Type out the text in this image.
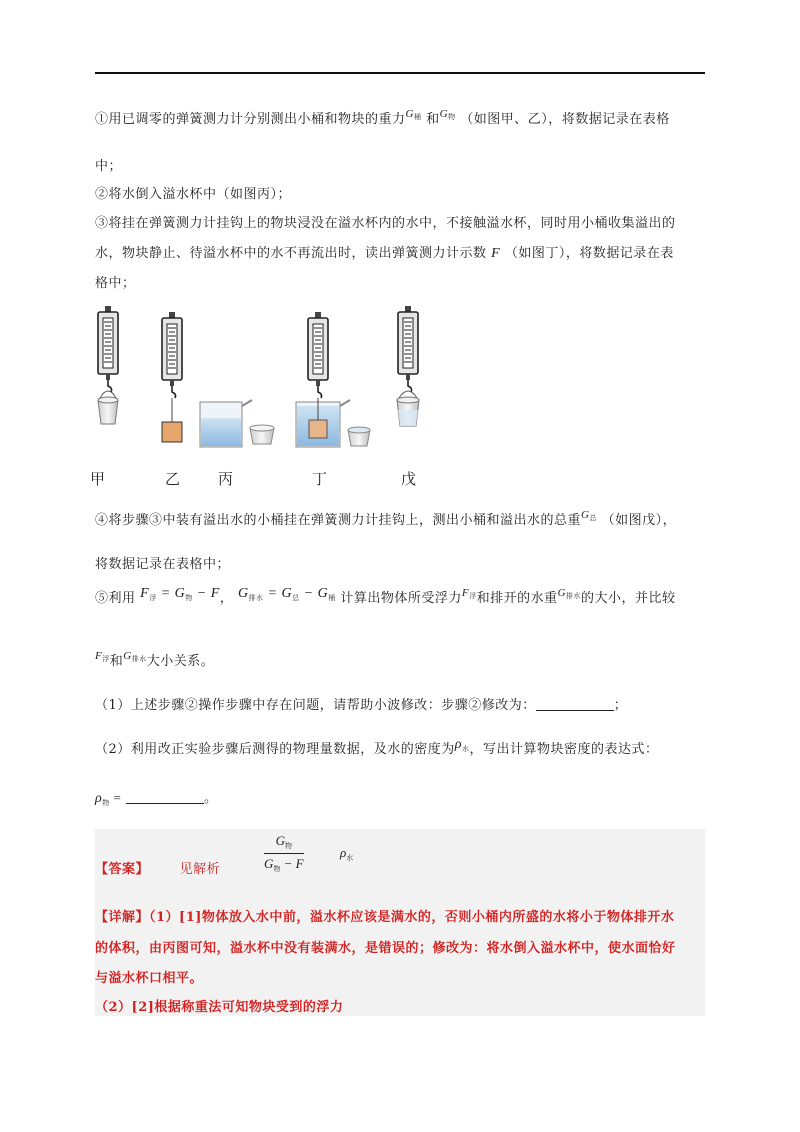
①用已调零的弹簧测力计分别测出小桶和物块的重力$^{G桶}$ 和$^{G物}$ （如图甲、乙），将数据记录在表格
中；
②将水倒入溢水杯中（如图丙）；
③将挂在弹簧测力计挂钩上的物块浸没在溢水杯内的水中，不接触溢水杯，同时用小桶收集溢出的
水，物块静止、待溢水杯中的水不再流出时，读出弹簧测力计示数 F （如图丁），将数据记录在表
格中；
甲	乙	丙	丁	戊
④将步骤③中装有溢出水的小桶挂在弹簧测力计挂钩上，测出小桶和溢出水的总重$^{G总}$ （如图戊），
将数据记录在表格中；
⑤利用 $F_浮 = G_物 - F$， $G_{排水} = G_总 - G_桶$ 计算出物体所受浮力$^{F浮}$和排开的水重$^{G排水}$的大小，并比较
$^{F浮}$和$^{G排水}$大小关系。
（1）上述步骤②操作步骤中存在问题，请帮助小波修改：步骤②修改为：	；
（2）利用改正实验步骤后测得的物理量数据，及水的密度为$\rho^水$，写出计算物块密度的表达式：
$\rho_物$ =	。
【答案】 见解析
$G_物$
$G_物 - F$
$\rho_水$
【详解】（1）[1]物体放入水中前，溢水杯应该是满水的，否则小桶内所盛的水将小于物体排开水
的体积，由丙图可知，溢水杯中没有装满水，是错误的；修改为：将水倒入溢水杯中，使水面恰好
与溢水杯口相平。
（2）[2]根据称重法可知物块受到的浮力
